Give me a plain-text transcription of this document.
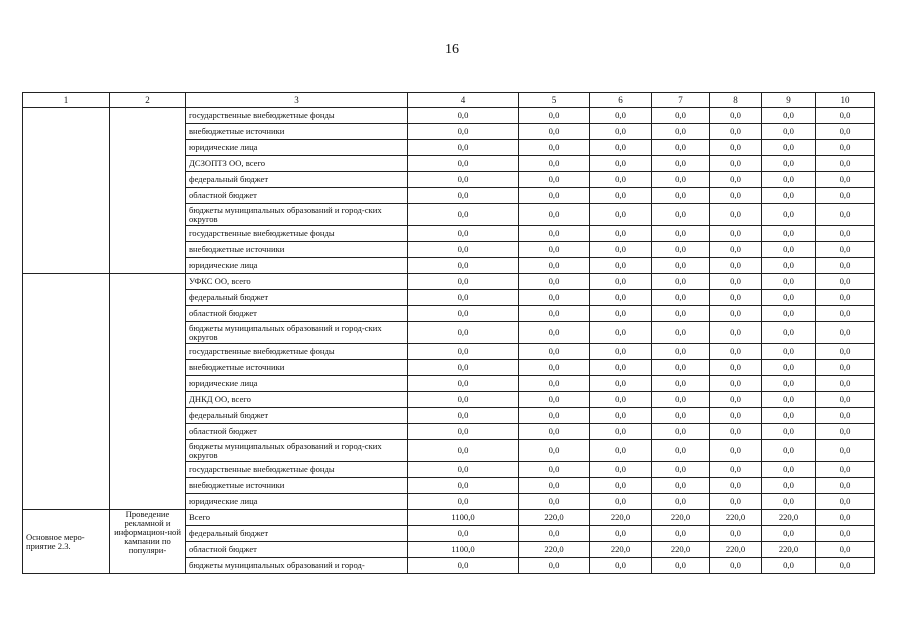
16
1	2	3	4	5	6	7	8	9	10
		государственные внебюджетные фонды	0,0	0,0	0,0	0,0	0,0	0,0	0,0
		внебюджетные источники	0,0	0,0	0,0	0,0	0,0	0,0	0,0
		юридические лица	0,0	0,0	0,0	0,0	0,0	0,0	0,0
		ДСЗОПТЗ ОО, всего	0,0	0,0	0,0	0,0	0,0	0,0	0,0
		федеральный бюджет	0,0	0,0	0,0	0,0	0,0	0,0	0,0
		областной бюджет	0,0	0,0	0,0	0,0	0,0	0,0	0,0
		бюджеты муниципальных образований и город-ских округов	0,0	0,0	0,0	0,0	0,0	0,0	0,0
		государственные внебюджетные фонды	0,0	0,0	0,0	0,0	0,0	0,0	0,0
		внебюджетные источники	0,0	0,0	0,0	0,0	0,0	0,0	0,0
		юридические лица	0,0	0,0	0,0	0,0	0,0	0,0	0,0
		УФКС ОО, всего	0,0	0,0	0,0	0,0	0,0	0,0	0,0
		федеральный бюджет	0,0	0,0	0,0	0,0	0,0	0,0	0,0
		областной бюджет	0,0	0,0	0,0	0,0	0,0	0,0	0,0
		бюджеты муниципальных образований и город-ских округов	0,0	0,0	0,0	0,0	0,0	0,0	0,0
		государственные внебюджетные фонды	0,0	0,0	0,0	0,0	0,0	0,0	0,0
		внебюджетные источники	0,0	0,0	0,0	0,0	0,0	0,0	0,0
		юридические лица	0,0	0,0	0,0	0,0	0,0	0,0	0,0
		ДНКД ОО, всего	0,0	0,0	0,0	0,0	0,0	0,0	0,0
		федеральный бюджет	0,0	0,0	0,0	0,0	0,0	0,0	0,0
		областной бюджет	0,0	0,0	0,0	0,0	0,0	0,0	0,0
		бюджеты муниципальных образований и город-ских округов	0,0	0,0	0,0	0,0	0,0	0,0	0,0
		государственные внебюджетные фонды	0,0	0,0	0,0	0,0	0,0	0,0	0,0
		внебюджетные источники	0,0	0,0	0,0	0,0	0,0	0,0	0,0
		юридические лица	0,0	0,0	0,0	0,0	0,0	0,0	0,0
Основное меро-приятие 2.3.	Проведение рекламной и информацион-ной кампании по популяри-	Всего	1100,0	220,0	220,0	220,0	220,0	220,0	0,0
		федеральный бюджет	0,0	0,0	0,0	0,0	0,0	0,0	0,0
		областной бюджет	1100,0	220,0	220,0	220,0	220,0	220,0	0,0
		бюджеты муниципальных образований и город-	0,0	0,0	0,0	0,0	0,0	0,0	0,0
